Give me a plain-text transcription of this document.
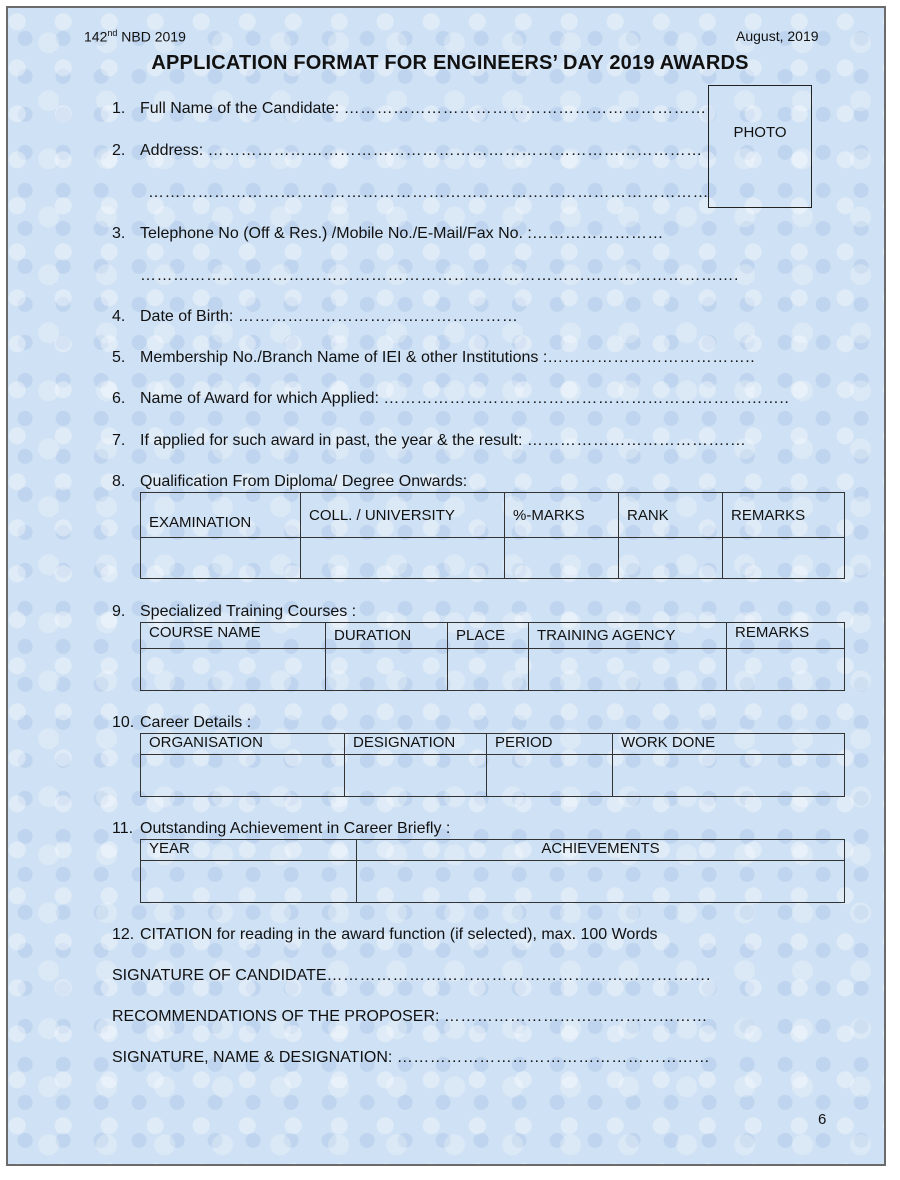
142nd NBD 2019	August, 2019
APPLICATION FORMAT FOR ENGINEERS’ DAY 2019 AWARDS
PHOTO
1. Full Name of the Candidate: …………………………………………………………
2. Address: ………………………………………………………………………………
…………………………………………………………………………………………
3. Telephone No (Off & Res.) /Mobile No./E-Mail/Fax No. :……………………
……………………………………………………………………………………………….
4. Date of Birth: ……………………………………………
5. Membership No./Branch Name of IEI & other Institutions :………………………………..
6. Name of Award for which Applied: ………………………………………………………………..
7. If applied for such award in past, the year & the result: ……………………………….…
8. Qualification From Diploma/ Degree Onwards:
EXAMINATION	COLL. / UNIVERSITY	%-MARKS	RANK	REMARKS

9. Specialized Training Courses :
COURSE NAME	DURATION	PLACE	TRAINING AGENCY	REMARKS

10. Career Details :
ORGANISATION	DESIGNATION	PERIOD	WORK DONE

11. Outstanding Achievement in Career Briefly :
YEAR	ACHIEVEMENTS

12. CITATION for reading in the award function (if selected), max. 100 Words
SIGNATURE OF CANDIDATE…………………………………………………………….
RECOMMENDATIONS OF THE PROPOSER: …………………………………………
SIGNATURE, NAME & DESIGNATION: …………………………………………………
6
